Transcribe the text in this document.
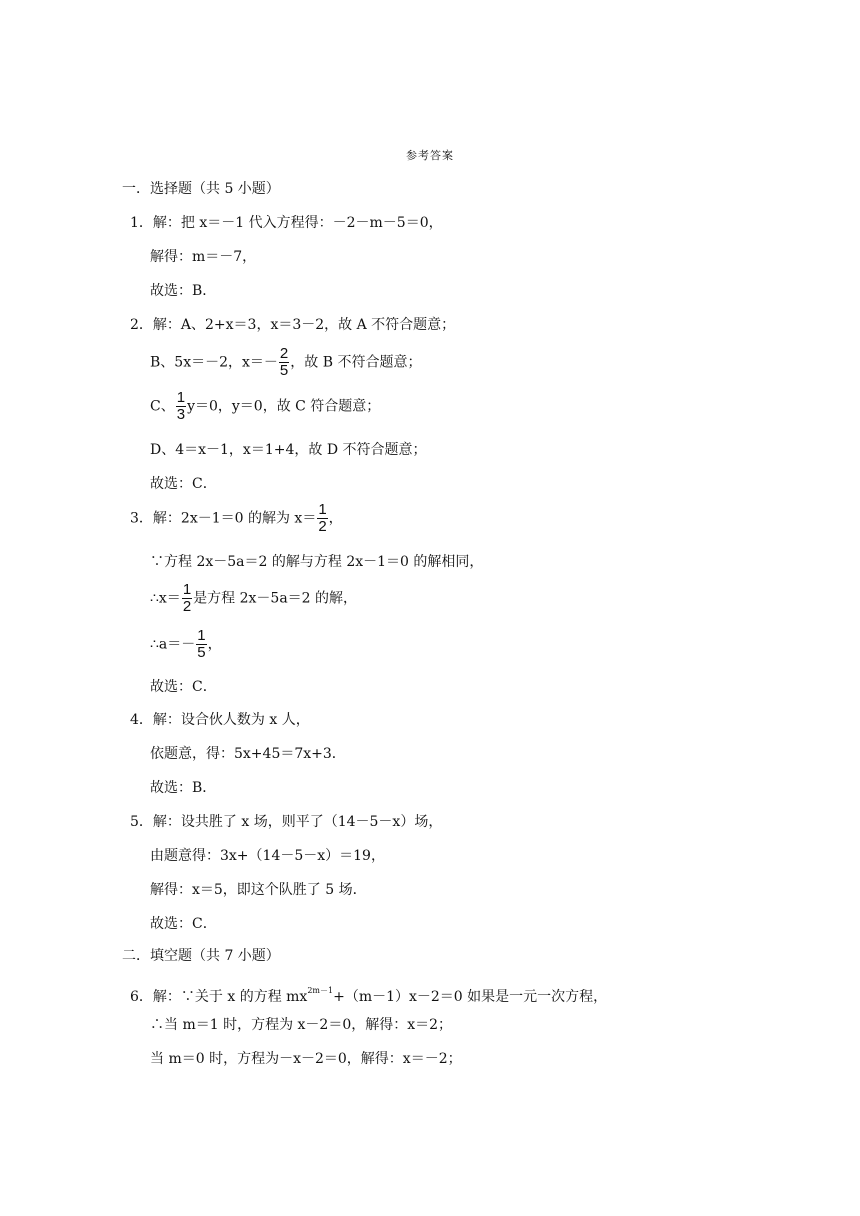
参考答案
一．选择题（共 5 小题）
1．解：把 x＝－1 代入方程得：－2－m－5＝0，
解得：m＝－7，
故选：B．
2．解：A、2+x＝3，x＝3－2，故 A 不符合题意；
B、5x＝－2，$x=- \frac{2}{5}$ ，故 B 不符合题意；
C、 $\frac{1}{3} y=0$，y＝0，故 C 符合题意；
D、4＝x－1，x＝1+4，故 D 不符合题意；
故选：C．
3．解：2x－1＝0 的解为 $x= \frac{1}{2}$ ，
∵方程 2x－5a＝2 的解与方程 2x－1＝0 的解相同，
∴x＝ $\frac{1}{2}$ 是方程 2x－5a＝2 的解，
∴a＝－ $\frac{1}{5}$ ，
故选：C．
4．解：设合伙人数为 x 人，
依题意，得：5x+45＝7x+3．
故选：B．
5．解：设共胜了 x 场，则平了（14－5－x）场，
由题意得：3x+（14－5－x）＝19，
解得：x＝5，即这个队胜了 5 场．
故选：C．
二．填空题（共 7 小题）
6．解：∵关于 x 的方程 $mx^{2m-1}+(m-1)x-2=0$ 如果是一元一次方程，
∴当 m＝1 时，方程为 x－2＝0，解得：x＝2；
当 m＝0 时，方程为－x－2＝0，解得：x＝－2；
